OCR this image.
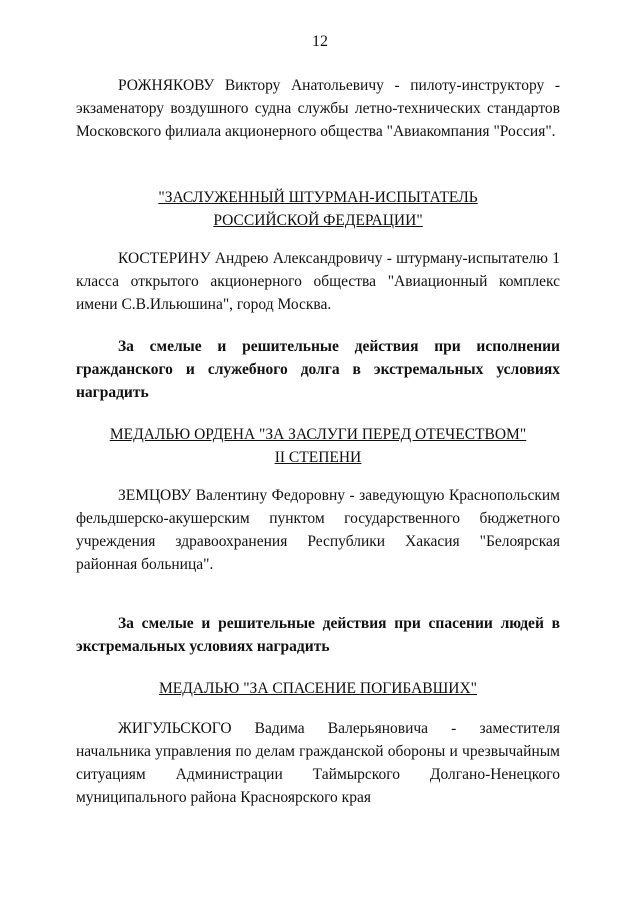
12

РОЖНЯКОВУ Виктору Анатольевичу - пилоту-инструктору - экзаменатору воздушного судна службы летно-технических стандартов Московского филиала акционерного общества "Авиакомпания "Россия".

"ЗАСЛУЖЕННЫЙ ШТУРМАН-ИСПЫТАТЕЛЬ
РОССИЙСКОЙ ФЕДЕРАЦИИ"

КОСТЕРИНУ Андрею Александровичу - штурману-испытателю 1 класса открытого акционерного общества "Авиационный комплекс имени С.В.Ильюшина", город Москва.

За смелые и решительные действия при исполнении гражданского и служебного долга в экстремальных условиях наградить

МЕДАЛЬЮ ОРДЕНА "ЗА ЗАСЛУГИ ПЕРЕД ОТЕЧЕСТВОМ"
II СТЕПЕНИ

ЗЕМЦОВУ Валентину Федоровну - заведующую Краснопольским фельдшерско-акушерским пунктом государственного бюджетного учреждения здравоохранения Республики Хакасия "Белоярская районная больница".

За смелые и решительные действия при спасении людей в экстремальных условиях наградить

МЕДАЛЬЮ "ЗА СПАСЕНИЕ ПОГИБАВШИХ"

ЖИГУЛЬСКОГО Вадима Валерьяновича - заместителя начальника управления по делам гражданской обороны и чрезвычайным ситуациям Администрации Таймырского Долгано-Ненецкого муниципального района Красноярского края
